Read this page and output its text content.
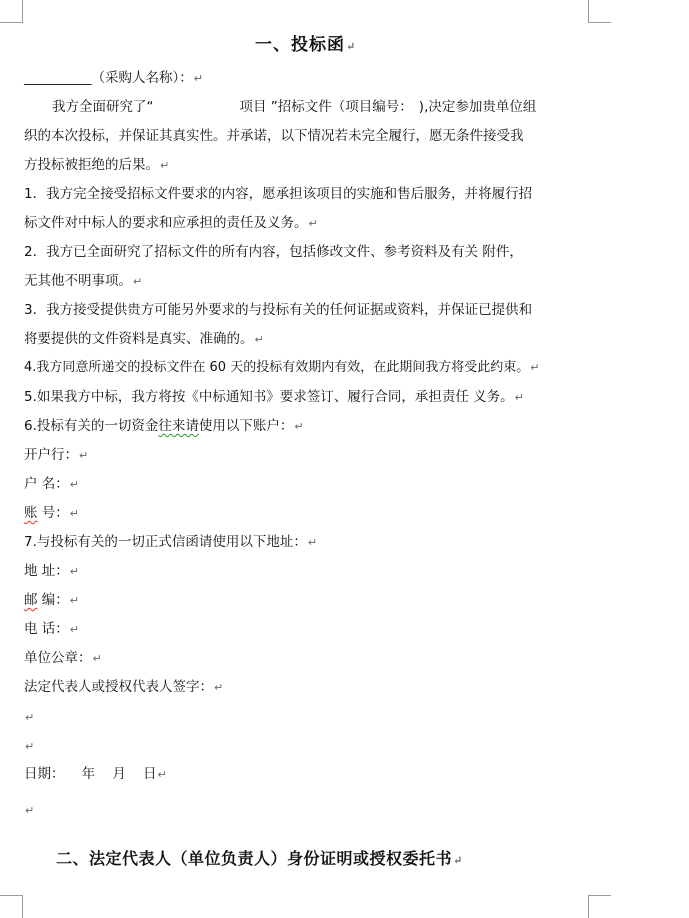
一、投标函↵
__________（采购人名称）：↵
我方全面研究了“	项目 ”招标文件（项目编号： ),决定参加贵单位组
织的本次投标，并保证其真实性。并承诺，以下情况若未完全履行，愿无条件接受我
方投标被拒绝的后果。↵
1．我方完全接受招标文件要求的内容，愿承担该项目的实施和售后服务，并将履行招
标文件对中标人的要求和应承担的责任及义务。↵
2．我方已全面研究了招标文件的所有内容，包括修改文件、参考资料及有关 附件，
无其他不明事项。↵
3．我方接受提供贵方可能另外要求的与投标有关的任何证据或资料，并保证已提供和
将要提供的文件资料是真实、准确的。↵
4.我方同意所递交的投标文件在 60 天的投标有效期内有效，在此期间我方将受此约束。↵
5.如果我方中标，我方将按《中标通知书》要求签订、履行合同，承担责任 义务。↵
6.投标有关的一切资金往来请使用以下账户：↵
开户行：↵
户 名：↵
账 号：↵
7.与投标有关的一切正式信函请使用以下地址：↵
地 址：↵
邮 编：↵
电 话：↵
单位公章：↵
法定代表人或授权代表人签字：↵
↵
↵
日期：    年    月    日↵
↵
二、法定代表人（单位负责人）身份证明或授权委托书↵
